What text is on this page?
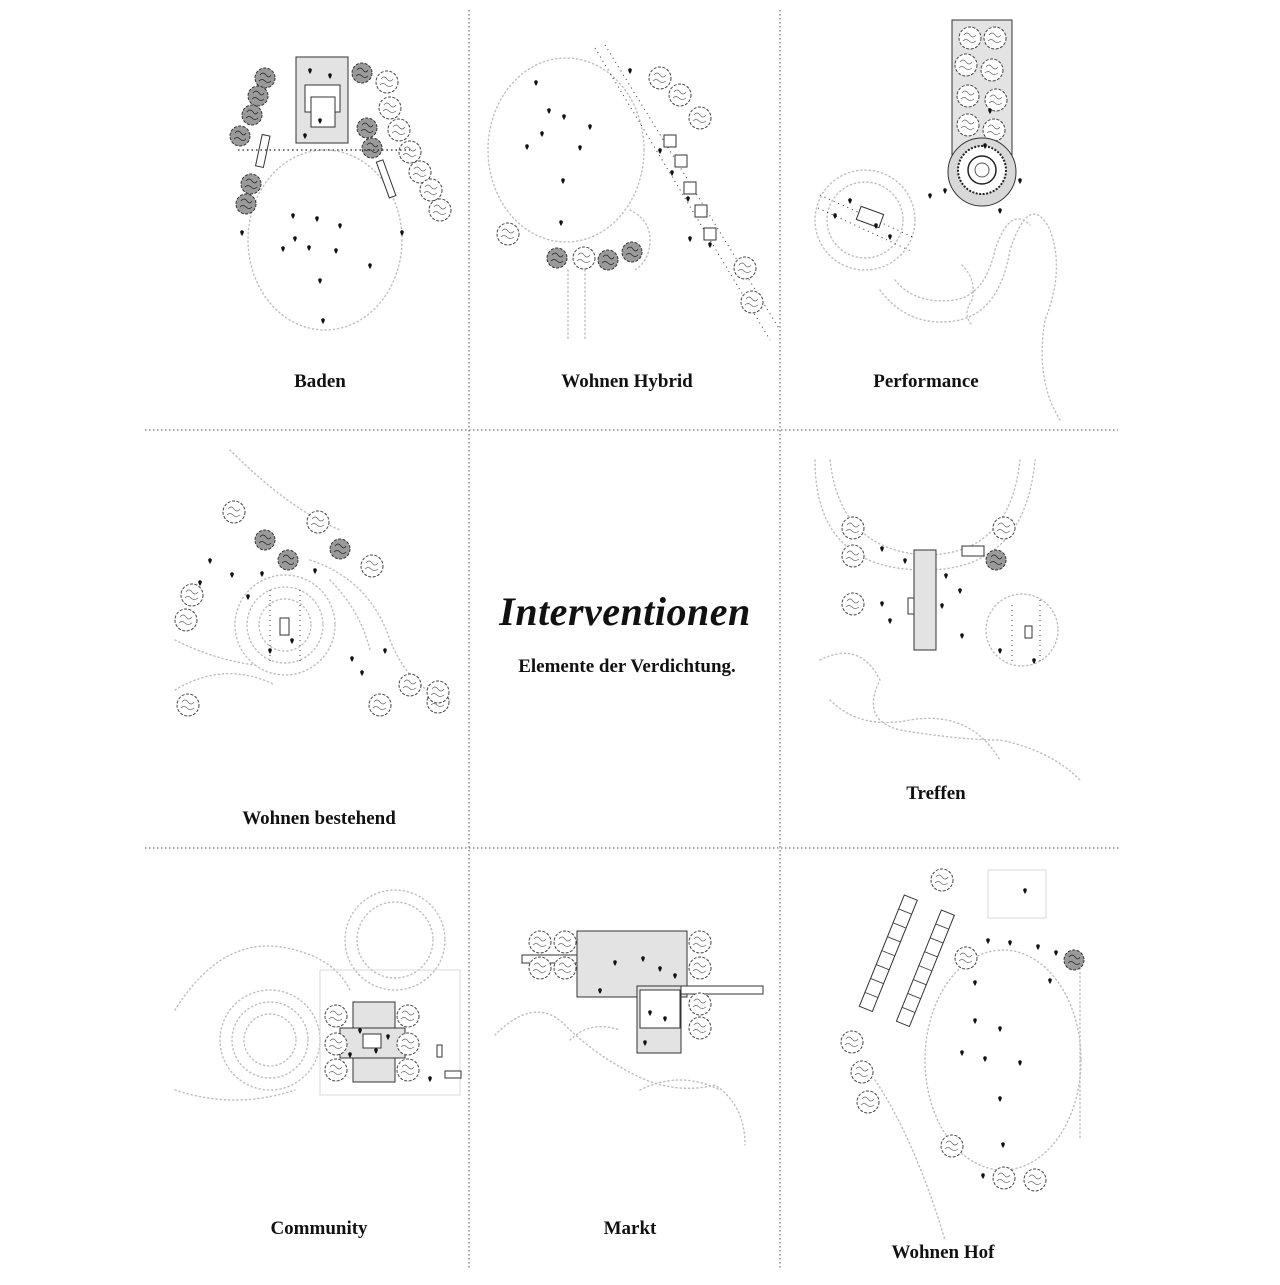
Baden	Wohnen Hybrid	Performance
Wohnen bestehend
Treffen
Community	Markt
Wohnen Hof
Interventionen
Elemente der Verdichtung.
